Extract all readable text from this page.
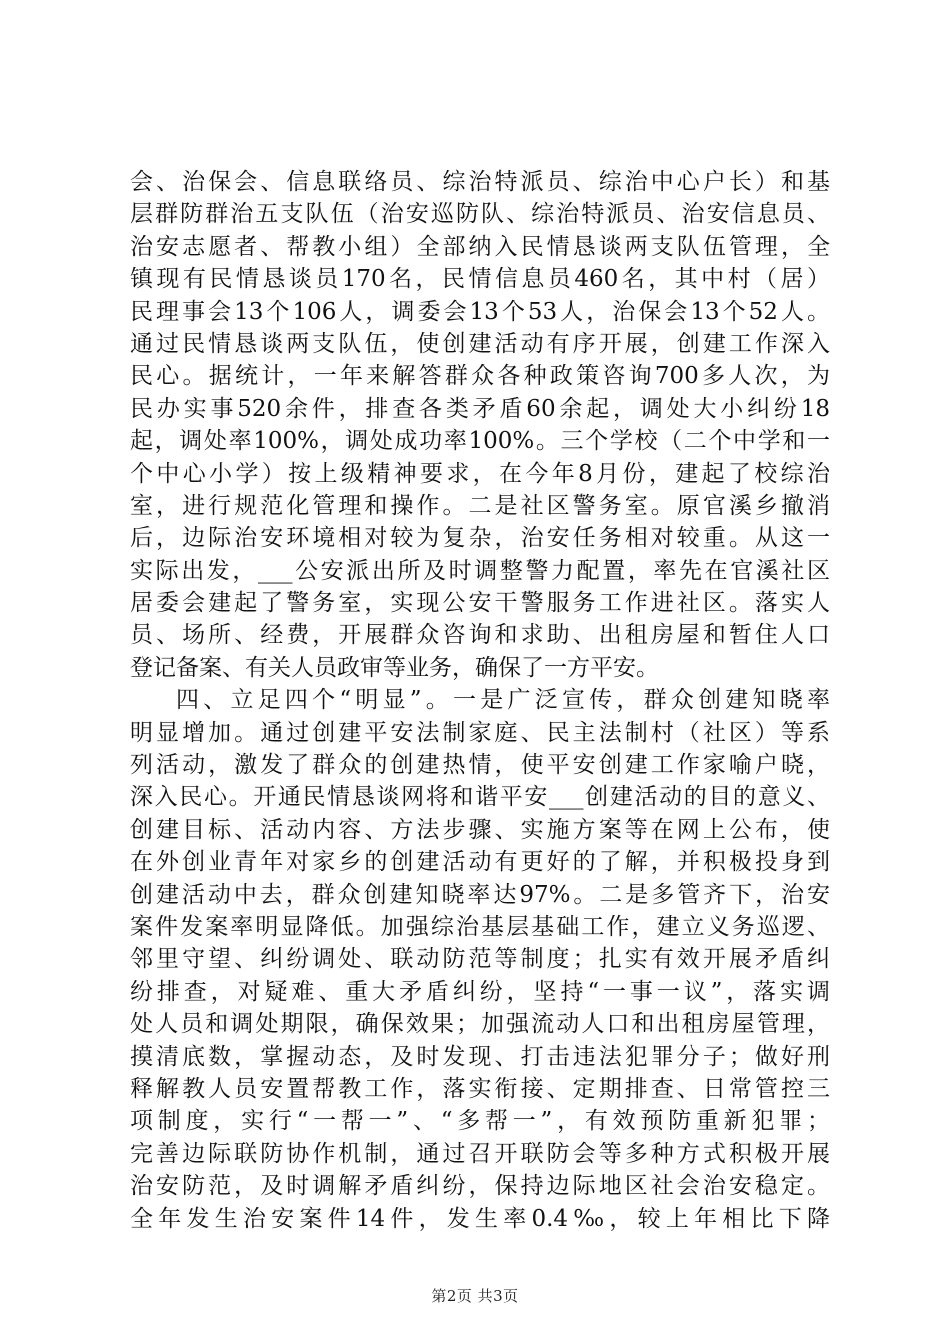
会、治保会、信息联络员、综治特派员、综治中心户长）和基
层群防群治五支队伍（治安巡防队、综治特派员、治安信息员、
治安志愿者、帮教小组）全部纳入民情恳谈两支队伍管理，全
镇现有民情恳谈员170名，民情信息员460名，其中村（居）
民理事会13个106人，调委会13个53人，治保会13个52人。
通过民情恳谈两支队伍，使创建活动有序开展，创建工作深入
民心。据统计，一年来解答群众各种政策咨询700多人次，为
民办实事520余件，排查各类矛盾60余起，调处大小纠纷18
起，调处率100%，调处成功率100%。三个学校（二个中学和一
个中心小学）按上级精神要求，在今年8月份，建起了校综治
室，进行规范化管理和操作。二是社区警务室。原官溪乡撤消
后，边际治安环境相对较为复杂，治安任务相对较重。从这一
实际出发，___公安派出所及时调整警力配置，率先在官溪社区
居委会建起了警务室，实现公安干警服务工作进社区。落实人
员、场所、经费，开展群众咨询和求助、出租房屋和暂住人口
登记备案、有关人员政审等业务，确保了一方平安。
四、立足四个“明显”。一是广泛宣传，群众创建知晓率
明显增加。通过创建平安法制家庭、民主法制村（社区）等系
列活动，激发了群众的创建热情，使平安创建工作家喻户晓，
深入民心。开通民情恳谈网将和谐平安___创建活动的目的意义、
创建目标、活动内容、方法步骤、实施方案等在网上公布，使
在外创业青年对家乡的创建活动有更好的了解，并积极投身到
创建活动中去，群众创建知晓率达97%。二是多管齐下，治安
案件发案率明显降低。加强综治基层基础工作，建立义务巡逻、
邻里守望、纠纷调处、联动防范等制度；扎实有效开展矛盾纠
纷排查，对疑难、重大矛盾纠纷，坚持“一事一议”，落实调
处人员和调处期限，确保效果；加强流动人口和出租房屋管理，
摸清底数，掌握动态，及时发现、打击违法犯罪分子；做好刑
释解教人员安置帮教工作，落实衔接、定期排查、日常管控三
项制度，实行“一帮一”、“多帮一”，有效预防重新犯罪；
完善边际联防协作机制，通过召开联防会等多种方式积极开展
治安防范，及时调解矛盾纠纷，保持边际地区社会治安稳定。
全年发生治安案件14件，发生率0.4‰，较上年相比下降
第2页 共3页
